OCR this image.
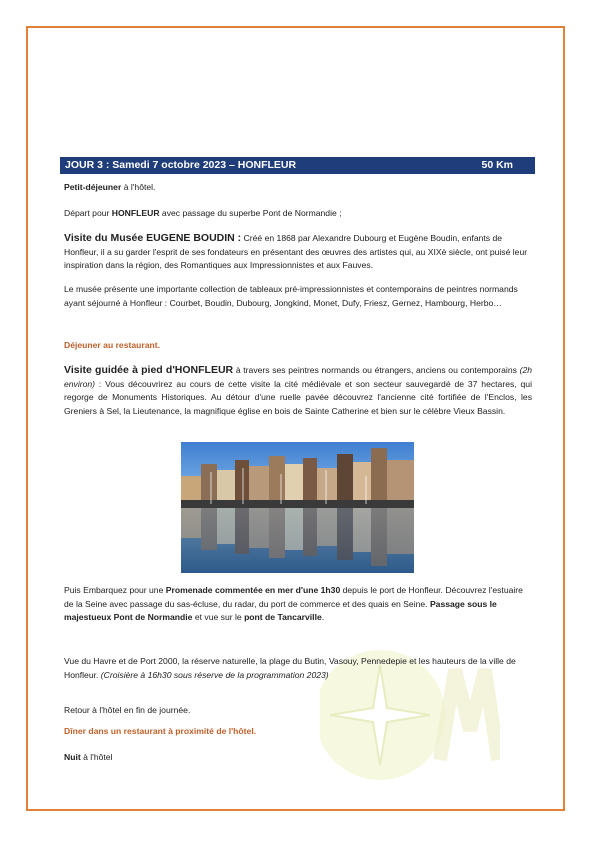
JOUR 3 : Samedi 7 octobre 2023 – HONFLEUR	50 Km

Petit-déjeuner à l'hôtel.

Départ pour HONFLEUR avec passage du superbe Pont de Normandie ;

Visite du Musée EUGENE BOUDIN : Créé en 1868 par Alexandre Dubourg et Eugène Boudin, enfants de Honfleur, il a su garder l'esprit de ses fondateurs en présentant des œuvres des artistes qui, au XIXè siècle, ont puisé leur inspiration dans la région, des Romantiques aux Impressionnistes et aux Fauves.

Le musée présente une importante collection de tableaux pré-impressionnistes et contemporains de peintres normands ayant séjourné à Honfleur : Courbet, Boudin, Dubourg, Jongkind, Monet, Dufy, Friesz, Gernez, Hambourg, Herbo…

Déjeuner au restaurant.

Visite guidée à pied d'HONFLEUR à travers ses peintres normands ou étrangers, anciens ou contemporains (2h environ) : Vous découvrirez au cours de cette visite la cité médiévale et son secteur sauvegardé de 37 hectares, qui regorge de Monuments Historiques. Au détour d'une ruelle pavée découvrez l'ancienne cité fortifiée de l'Enclos, les Greniers à Sel, la Lieutenance, la magnifique église en bois de Sainte Catherine et bien sur le célèbre Vieux Bassin.

Puis Embarquez pour une Promenade commentée en mer d'une 1h30 depuis le port de Honfleur. Découvrez l'estuaire de la Seine avec passage du sas-écluse, du radar, du port de commerce et des quais en Seine. Passage sous le majestueux Pont de Normandie et vue sur le pont de Tancarville.

Vue du Havre et de Port 2000, la réserve naturelle, la plage du Butin, Vasouy, Pennedepie et les hauteurs de la ville de Honfleur. (Croisière à 16h30 sous réserve de la programmation 2023)

Retour à l'hôtel en fin de journée.

Dîner dans un restaurant à proximité de l'hôtel.

Nuit à l'hôtel
